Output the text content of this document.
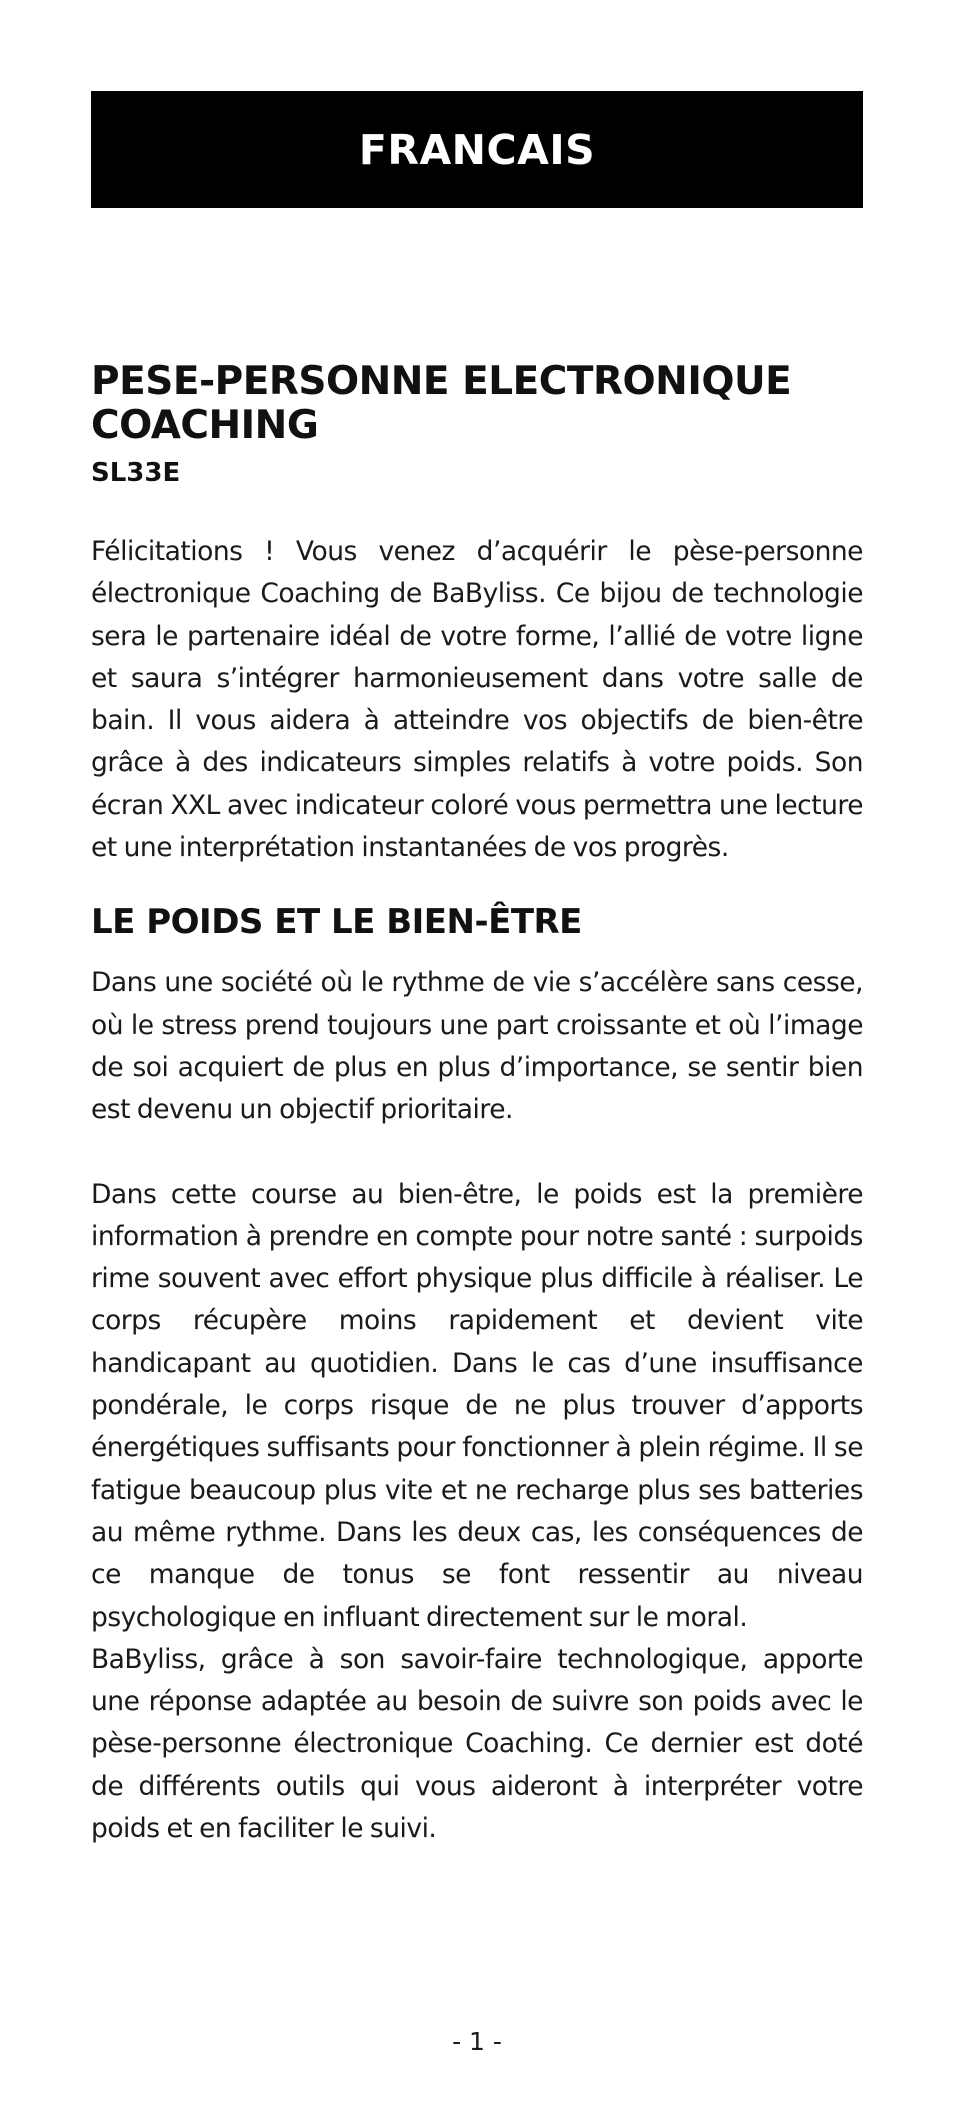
FRANCAIS
PESE-PERSONNE ELECTRONIQUE COACHING
SL33E

Félicitations ! Vous venez d’acquérir le pèse-personne électronique Coaching de BaByliss. Ce bijou de technologie sera le partenaire idéal de votre forme, l’allié de votre ligne et saura s’intégrer harmonieusement dans votre salle de bain. Il vous aidera à atteindre vos objectifs de bien-être grâce à des indicateurs simples relatifs à votre poids. Son écran XXL avec indicateur coloré vous permettra une lecture et une interprétation instantanées de vos progrès.

LE POIDS ET LE BIEN-ÊTRE

Dans une société où le rythme de vie s’accélère sans cesse, où le stress prend toujours une part croissante et où l’image de soi acquiert de plus en plus d’importance, se sentir bien est devenu un objectif prioritaire.

Dans cette course au bien-être, le poids est la première information à prendre en compte pour notre santé : surpoids rime souvent avec effort physique plus difficile à réaliser. Le corps récupère moins rapidement et devient vite handicapant au quotidien. Dans le cas d’une insuffisance pondérale, le corps risque de ne plus trouver d’apports énergétiques suffisants pour fonctionner à plein régime. Il se fatigue beaucoup plus vite et ne recharge plus ses batteries au même rythme. Dans les deux cas, les conséquences de ce manque de tonus se font ressentir au niveau psychologique en influant directement sur le moral.

BaByliss, grâce à son savoir-faire technologique, apporte une réponse adaptée au besoin de suivre son poids avec le pèse-personne électronique Coaching. Ce dernier est doté de différents outils qui vous aideront à interpréter votre poids et en faciliter le suivi.

- 1 -
